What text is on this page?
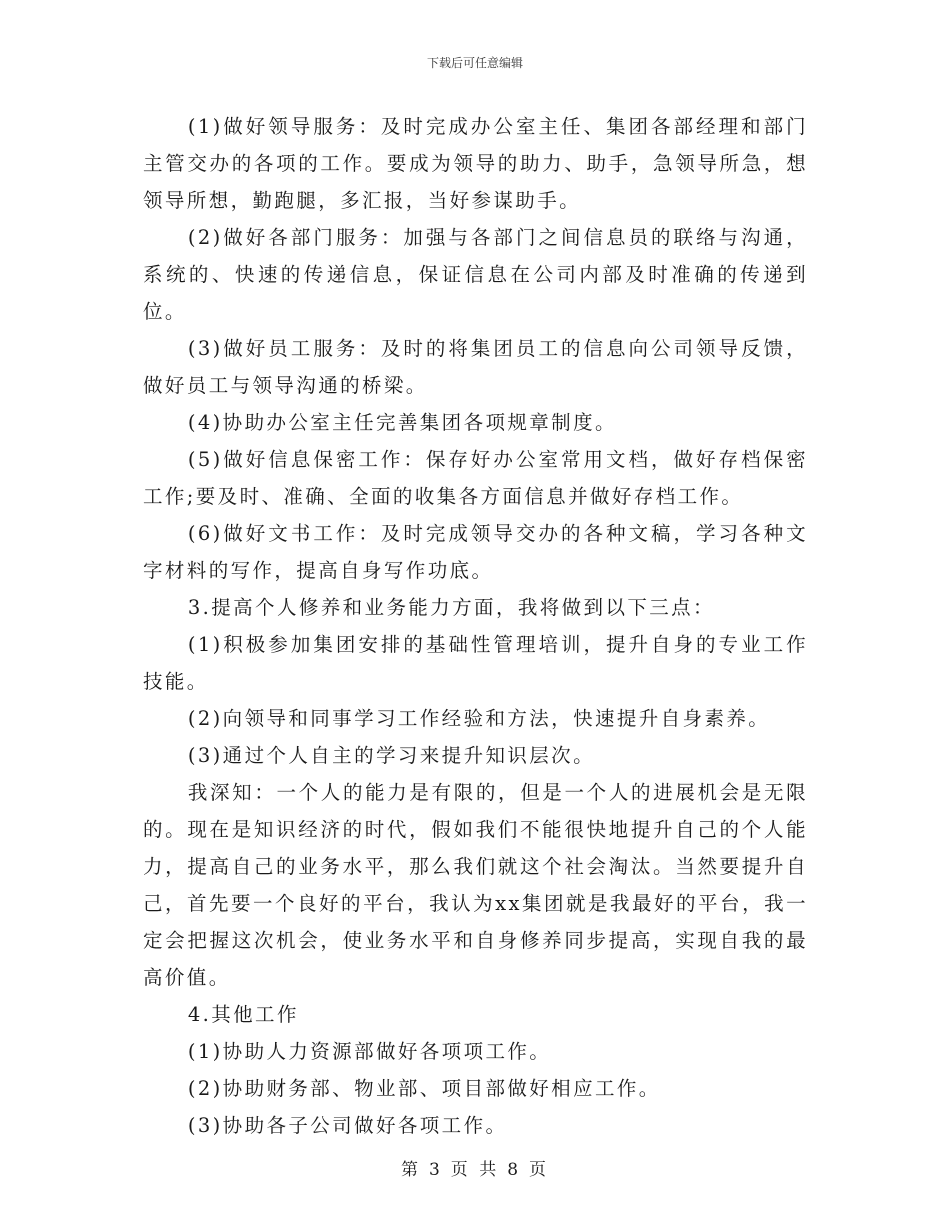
下载后可任意编辑

(1)做好领导服务：及时完成办公室主任、集团各部经理和部门主管交办的各项的工作。要成为领导的助力、助手，急领导所急，想领导所想，勤跑腿，多汇报，当好参谋助手。

(2)做好各部门服务：加强与各部门之间信息员的联络与沟通，系统的、快速的传递信息，保证信息在公司内部及时准确的传递到位。

(3)做好员工服务：及时的将集团员工的信息向公司领导反馈，做好员工与领导沟通的桥梁。

(4)协助办公室主任完善集团各项规章制度。

(5)做好信息保密工作：保存好办公室常用文档，做好存档保密工作;要及时、准确、全面的收集各方面信息并做好存档工作。

(6)做好文书工作：及时完成领导交办的各种文稿，学习各种文字材料的写作，提高自身写作功底。

3.提高个人修养和业务能力方面，我将做到以下三点：

(1)积极参加集团安排的基础性管理培训，提升自身的专业工作技能。

(2)向领导和同事学习工作经验和方法，快速提升自身素养。

(3)通过个人自主的学习来提升知识层次。

我深知：一个人的能力是有限的，但是一个人的进展机会是无限的。现在是知识经济的时代，假如我们不能很快地提升自己的个人能力，提高自己的业务水平，那么我们就这个社会淘汰。当然要提升自己，首先要一个良好的平台，我认为xx集团就是我最好的平台，我一定会把握这次机会，使业务水平和自身修养同步提高，实现自我的最高价值。

4.其他工作

(1)协助人力资源部做好各项项工作。

(2)协助财务部、物业部、项目部做好相应工作。

(3)协助各子公司做好各项工作。

第 3 页 共 8 页
